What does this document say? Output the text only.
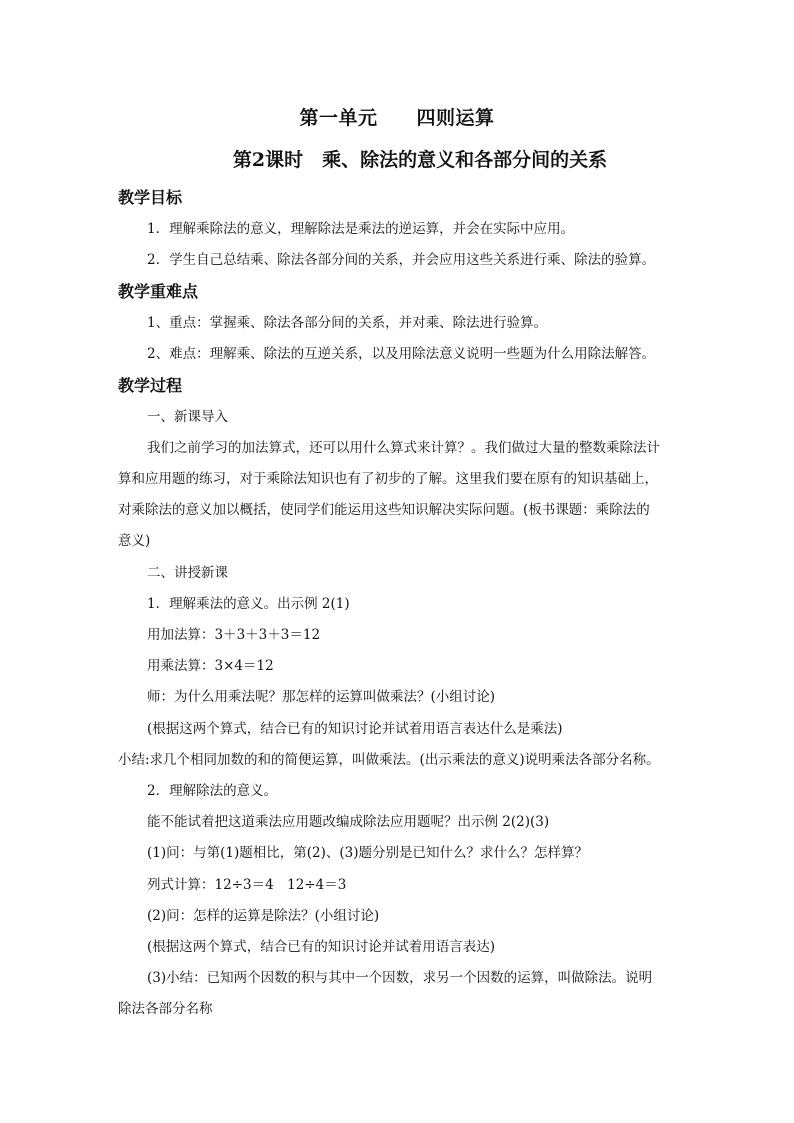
第一单元　　四则运算
第2课时　乘、除法的意义和各部分间的关系
教学目标
1．理解乘除法的意义，理解除法是乘法的逆运算，并会在实际中应用。
2．学生自己总结乘、除法各部分间的关系，并会应用这些关系进行乘、除法的验算。
教学重难点
1、重点：掌握乘、除法各部分间的关系，并对乘、除法进行验算。
2、难点：理解乘、除法的互逆关系，以及用除法意义说明一些题为什么用除法解答。
教学过程
一、新课导入
我们之前学习的加法算式，还可以用什么算式来计算？。我们做过大量的整数乘除法计
算和应用题的练习，对于乘除法知识也有了初步的了解。这里我们要在原有的知识基础上，
对乘除法的意义加以概括，使同学们能运用这些知识解决实际问题。(板书课题：乘除法的
意义)
二、讲授新课
1．理解乘法的意义。出示例 2(1)
用加法算：3＋3＋3＋3＝12
用乘法算：3×4＝12
师：为什么用乘法呢？那怎样的运算叫做乘法？(小组讨论)
(根据这两个算式，结合已有的知识讨论并试着用语言表达什么是乘法)
小结:求几个相同加数的和的简便运算，叫做乘法。(出示乘法的意义)说明乘法各部分名称。
2．理解除法的意义。
能不能试着把这道乘法应用题改编成除法应用题呢？出示例 2(2)(3)
(1)问：与第(1)题相比，第(2)、(3)题分别是已知什么？求什么？怎样算？
列式计算：12÷3＝4　12÷4＝3
(2)问：怎样的运算是除法？(小组讨论)
(根据这两个算式，结合已有的知识讨论并试着用语言表达)
(3)小结：已知两个因数的积与其中一个因数，求另一个因数的运算，叫做除法。说明
除法各部分名称
